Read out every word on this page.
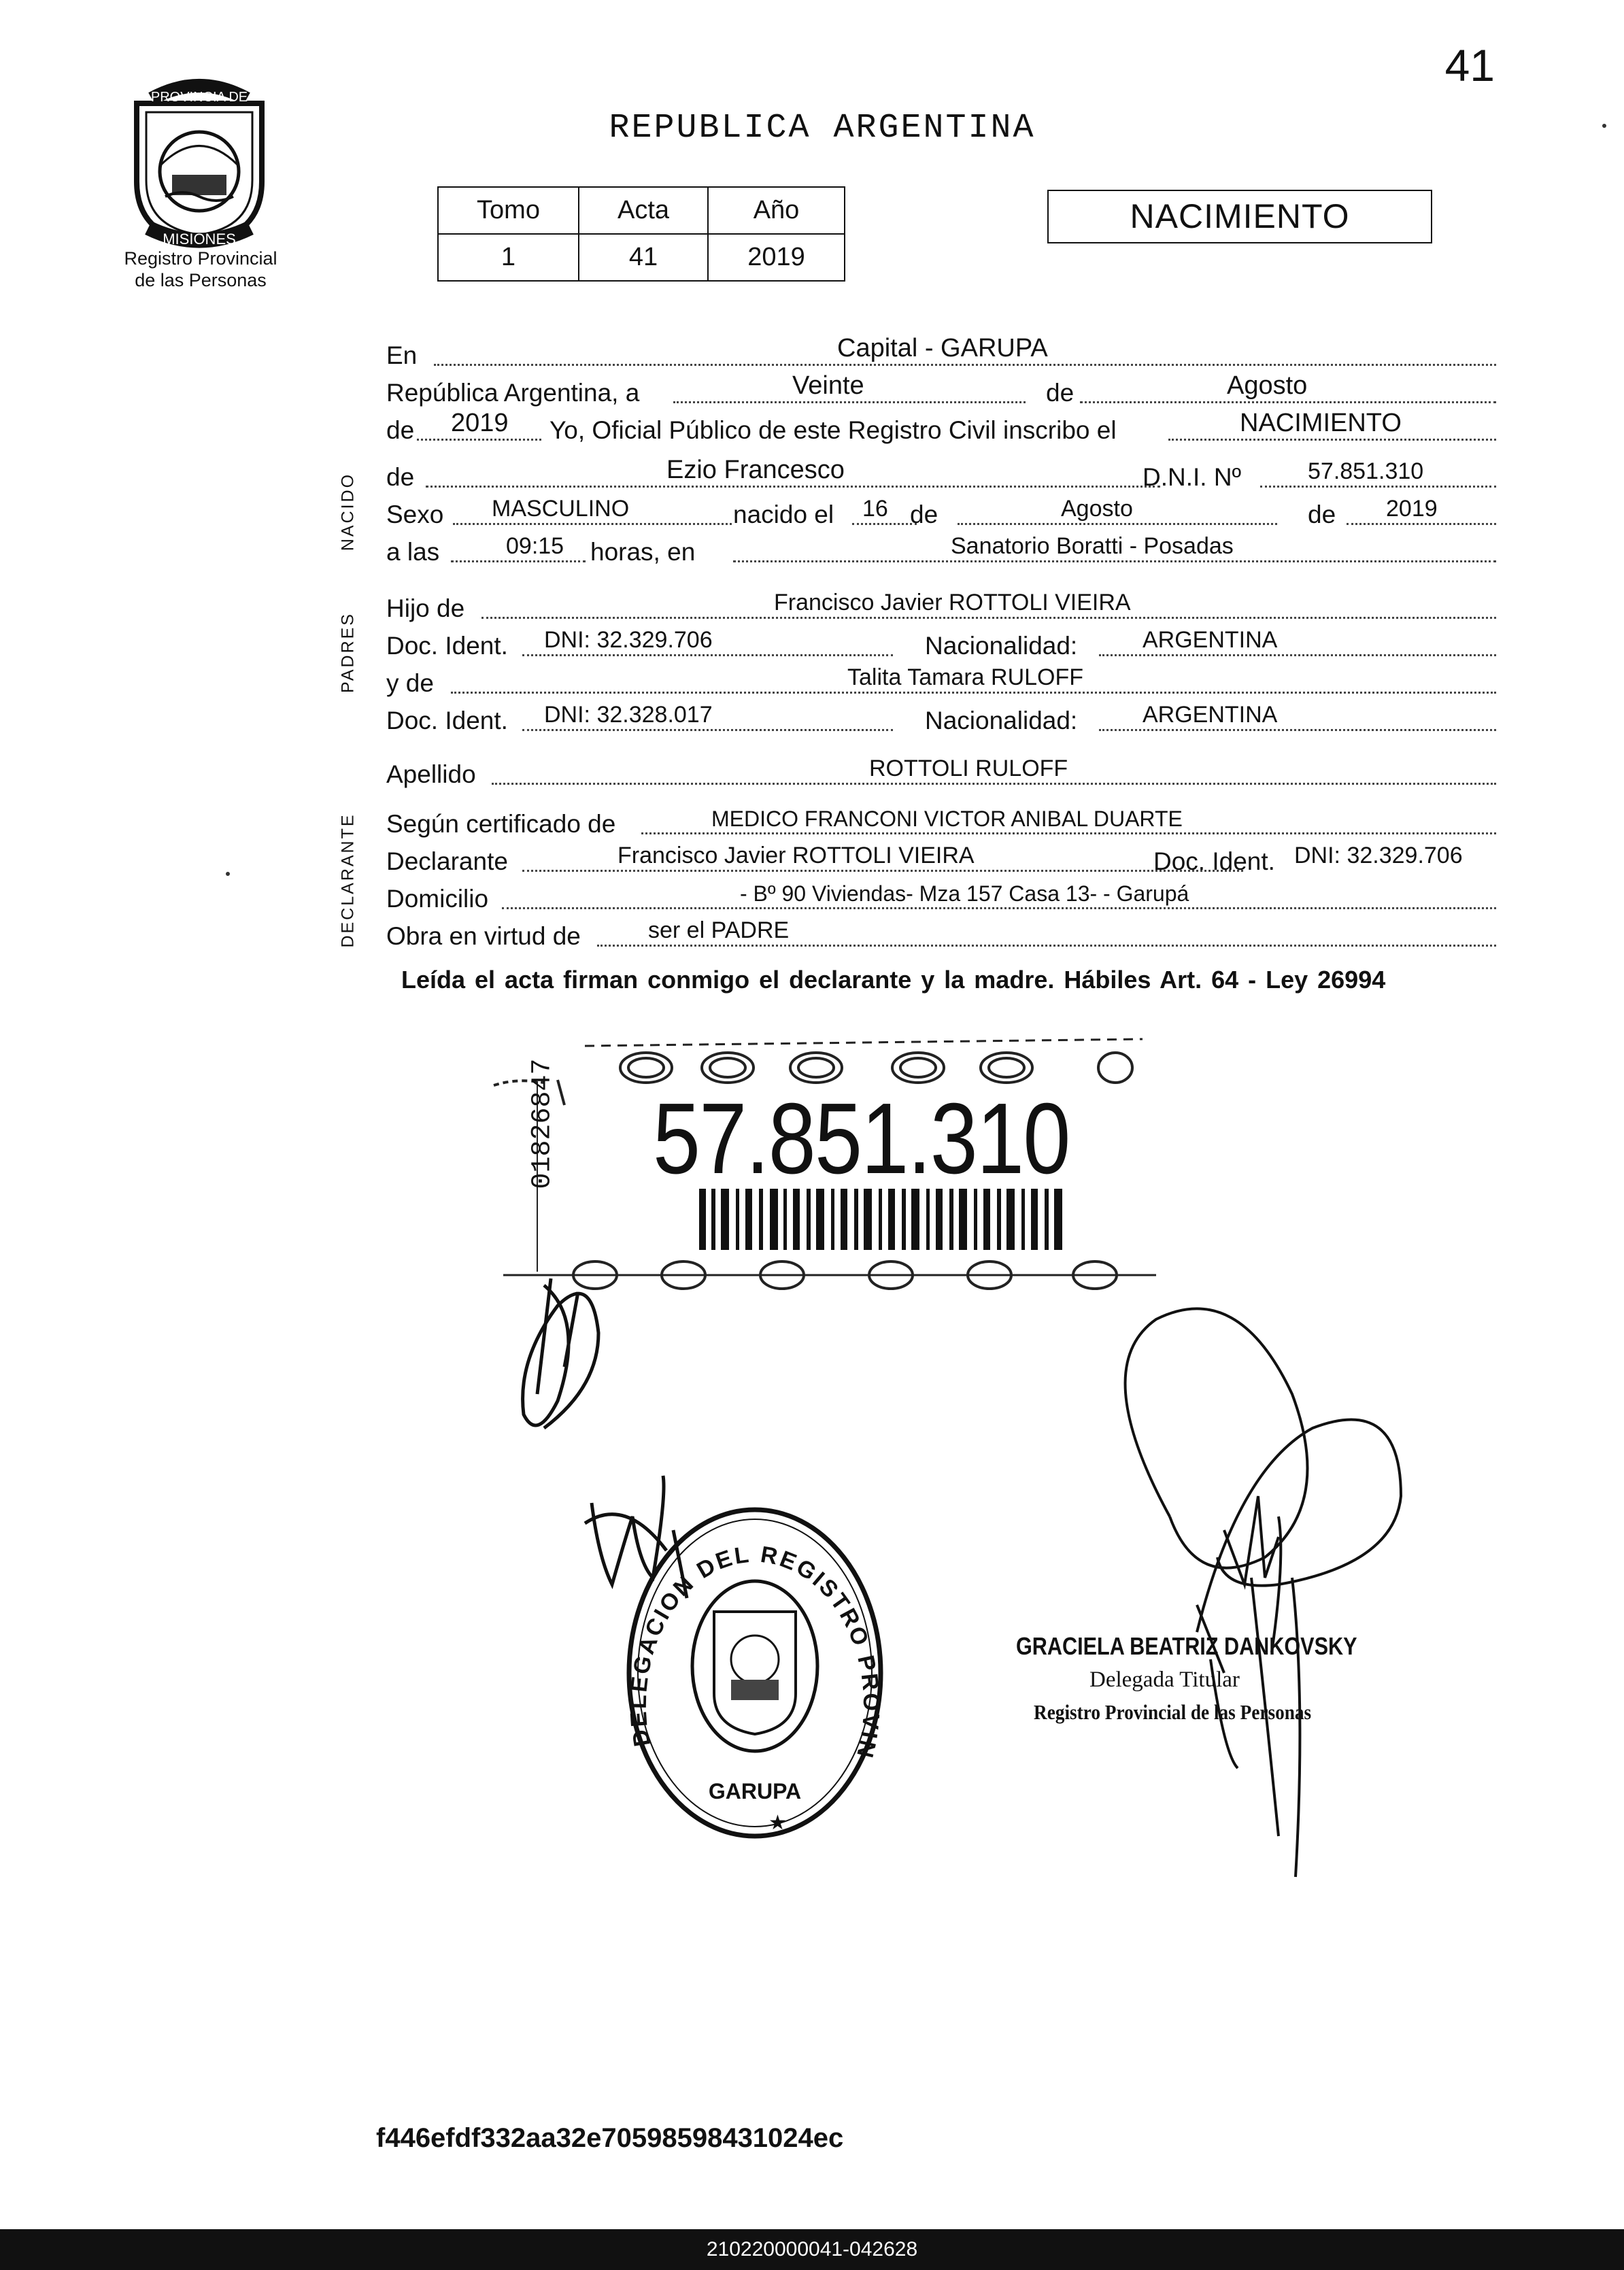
PROVINCIA DE
MISIONES
DELEGACION DEL REGISTRO PROVINCIAL DE LAS PERSONAS
GARUPA
★
41
Registro Provincial
de las Personas
REPUBLICA ARGENTINA
Tomo	Acta	Año
1	41	2019
NACIMIENTO
NACIDO
PADRES
DECLARANTE
En	Capital - GARUPA
República Argentina, a	Veinte	de	Agosto
de 2019 Yo, Oficial Público de este Registro Civil inscribo el	NACIMIENTO
de	Ezio Francesco	D.N.I. Nº	57.851.310
Sexo MASCULINO	nacido el 16 de	Agosto	de 2019
a las	09:15 horas, en	Sanatorio Boratti - Posadas
Hijo de	Francisco Javier ROTTOLI VIEIRA
Doc. Ident. DNI: 32.329.706	Nacionalidad:	ARGENTINA
y de	Talita Tamara RULOFF
Doc. Ident. DNI: 32.328.017	Nacionalidad:	ARGENTINA
Apellido	ROTTOLI RULOFF
Según certificado de	MEDICO FRANCONI VICTOR ANIBAL DUARTE
Declarante	Francisco Javier ROTTOLI VIEIRA	Doc. Ident. DNI: 32.329.706
Domicilio	- Bº 90 Viviendas- Mza 157 Casa 13- - Garupá
Obra en virtud de	ser el PADRE
Leída el acta firman conmigo el declarante y la madre. Hábiles Art. 64 - Ley 26994
01826847 57.851.310
GRACIELA BEATRIZ DANKOVSKY
Delegada Titular
Registro Provincial de las Personas
f446efdf332aa32e70598598431024ec
210220000041-042628
